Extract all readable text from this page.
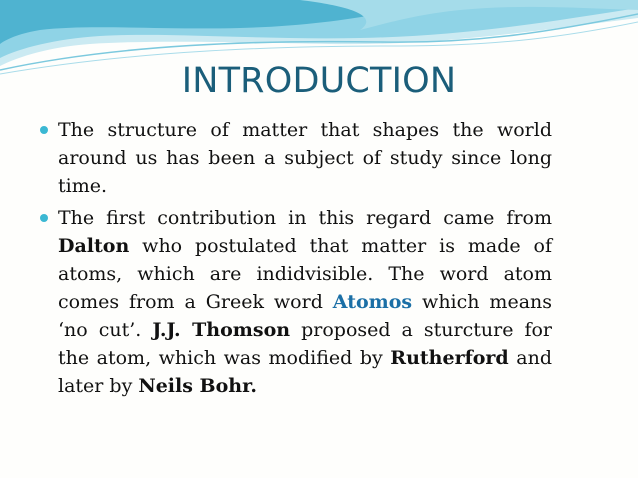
INTRODUCTION
The structure of matter that shapes the world around us has been a subject of study since long time.
The first contribution in this regard came from Dalton who postulated that matter is made of atoms, which are indidvisible. The word atom comes from a Greek word Atomos which means ‘no cut’. J.J. Thomson proposed a sturcture for the atom, which was modified by Rutherford and later by Neils Bohr.
